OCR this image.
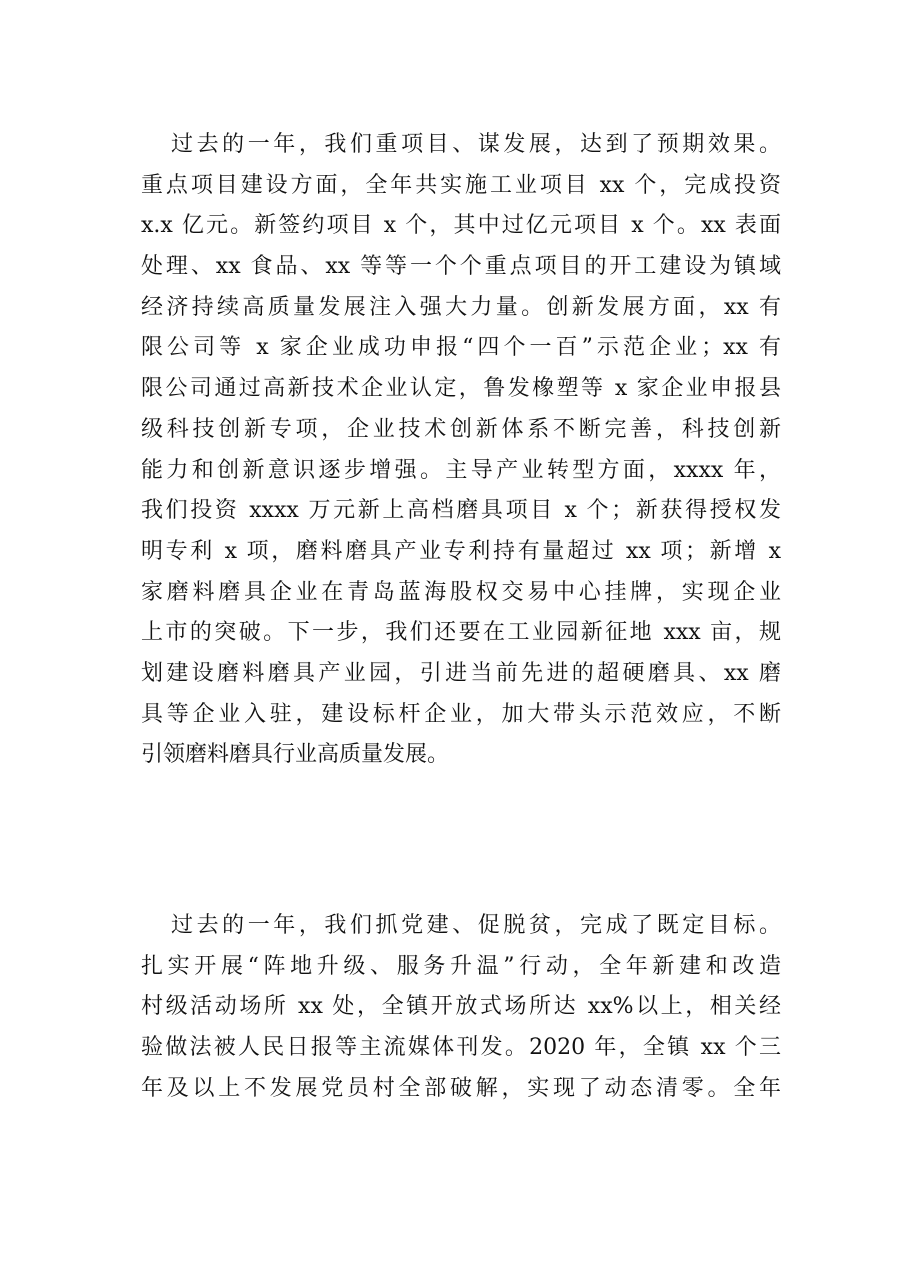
过去的一年，我们重项目、谋发展，达到了预期效果。
重点项目建设方面，全年共实施工业项目 xx 个，完成投资
x.x 亿元。新签约项目 x 个，其中过亿元项目 x 个。xx 表面
处理、xx 食品、xx 等等一个个重点项目的开工建设为镇域
经济持续高质量发展注入强大力量。创新发展方面，xx 有
限公司等 x 家企业成功申报“四个一百”示范企业；xx 有
限公司通过高新技术企业认定，鲁发橡塑等 x 家企业申报县
级科技创新专项，企业技术创新体系不断完善，科技创新
能力和创新意识逐步增强。主导产业转型方面，xxxx 年，
我们投资 xxxx 万元新上高档磨具项目 x 个；新获得授权发
明专利 x 项，磨料磨具产业专利持有量超过 xx 项；新增 x
家磨料磨具企业在青岛蓝海股权交易中心挂牌，实现企业
上市的突破。下一步，我们还要在工业园新征地 xxx 亩，规
划建设磨料磨具产业园，引进当前先进的超硬磨具、xx 磨
具等企业入驻，建设标杆企业，加大带头示范效应，不断
引领磨料磨具行业高质量发展。
过去的一年，我们抓党建、促脱贫，完成了既定目标。
扎实开展“阵地升级、服务升温”行动，全年新建和改造
村级活动场所 xx 处，全镇开放式场所达 xx%以上，相关经
验做法被人民日报等主流媒体刊发。2020 年，全镇 xx 个三
年及以上不发展党员村全部破解，实现了动态清零。全年
